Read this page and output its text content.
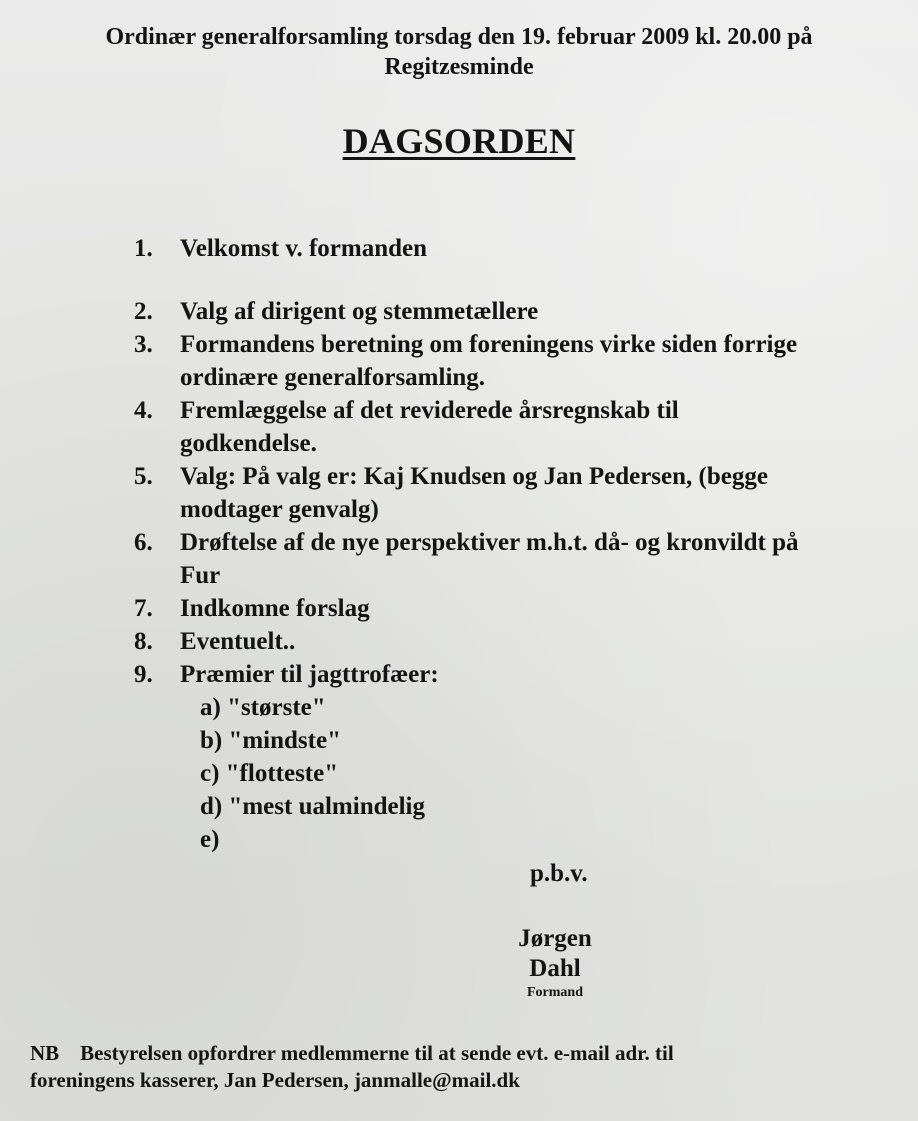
Ordinær generalforsamling torsdag den 19. februar 2009 kl. 20.00 på
Regitzesminde
DAGSORDEN
1.	Velkomst v. formanden
2.	Valg af dirigent og stemmetællere
3.	Formandens beretning om foreningens virke siden forrige
ordinære generalforsamling.
4.	Fremlæggelse af det reviderede årsregnskab til
godkendelse.
5.	Valg: På valg er: Kaj Knudsen og Jan Pedersen, (begge
modtager genvalg)
6.	Drøftelse af de nye perspektiver m.h.t. då- og kronvildt på
Fur
7.	Indkomne forslag
8.	Eventuelt..
9.	Præmier til jagttrofæer:
a) "største"
b) "mindste"
c) "flotteste"
d) "mest ualmindelig
e)
p.b.v.
Jørgen Dahl
Formand
NB    Bestyrelsen opfordrer medlemmerne til at sende evt. e-mail adr. til
foreningens kasserer, Jan Pedersen, janmalle@mail.dk
